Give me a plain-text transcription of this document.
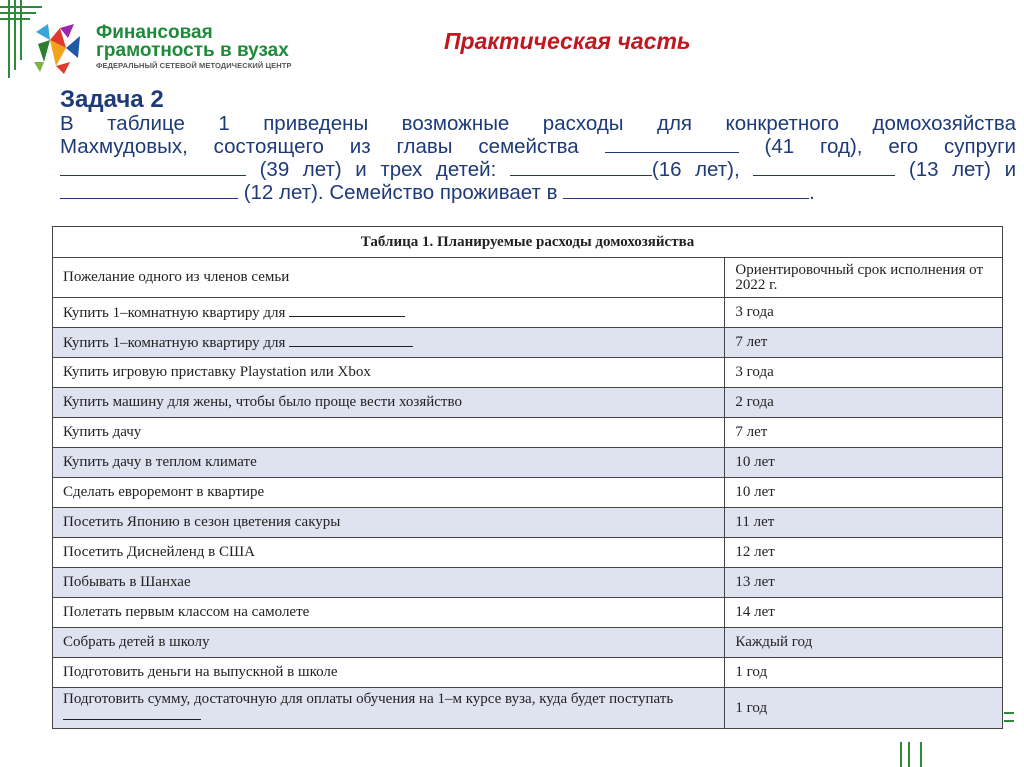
Финансовая
грамотность в вузах
ФЕДЕРАЛЬНЫЙ СЕТЕВОЙ МЕТОДИЧЕСКИЙ ЦЕНТР
Практическая часть
Задача 2
В таблице 1 приведены возможные расходы для конкретного домохозяйства
Махмудовых, состоящего из главы семейства	(41 год), его супруги
(39 лет) и трех детей:	(16 лет),	(13 лет) и
(12 лет). Семейство проживает в	.
Таблица 1. Планируемые расходы домохозяйства	
Пожелание одного из членов семьи	Ориентировочный срок исполнения от 2022 г.
Купить 1–комнатную квартиру для	3 года
Купить 1–комнатную квартиру для	7 лет
Купить игровую приставку Playstation или Xbox	3 года
Купить машину для жены, чтобы было проще вести хозяйство	2 года
Купить дачу	7 лет
Купить дачу в теплом климате	10 лет
Сделать евроремонт в квартире	10 лет
Посетить Японию в сезон цветения сакуры	11 лет
Посетить Диснейленд в США	12 лет
Побывать в Шанхае	13 лет
Полетать первым классом на самолете	14 лет
Собрать детей в школу	Каждый год
Подготовить деньги на выпускной в школе	1 год
Подготовить сумму, достаточную для оплаты обучения на 1–м курсе вуза, куда будет поступать	1 год
